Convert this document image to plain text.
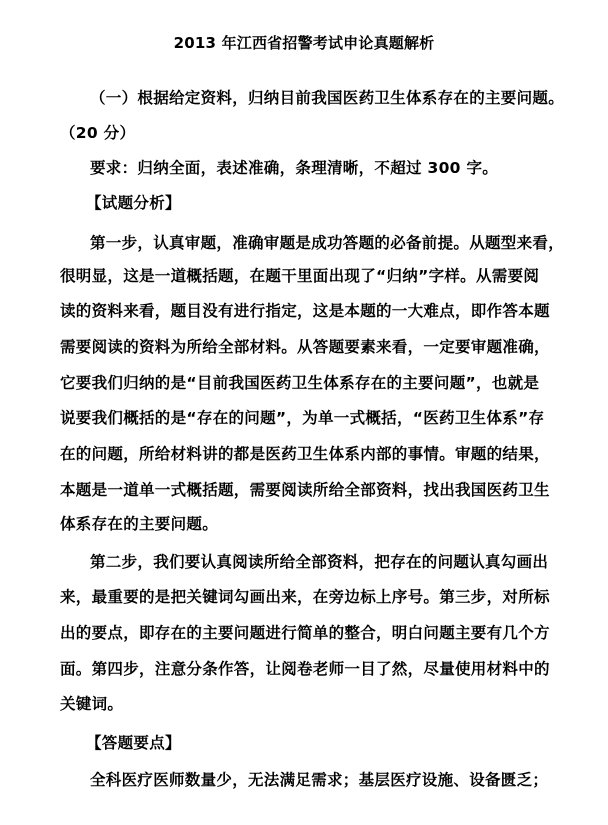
2013 年江西省招警考试申论真题解析
（一）根据给定资料，归纳目前我国医药卫生体系存在的主要问题。
（20 分）
要求：归纳全面，表述准确，条理清晰，不超过 300 字。
【试题分析】
第一步，认真审题，准确审题是成功答题的必备前提。从题型来看，
很明显，这是一道概括题，在题干里面出现了“归纳”字样。从需要阅
读的资料来看，题目没有进行指定，这是本题的一大难点，即作答本题
需要阅读的资料为所给全部材料。从答题要素来看，一定要审题准确，
它要我们归纳的是“目前我国医药卫生体系存在的主要问题”，也就是
说要我们概括的是“存在的问题”，为单一式概括，“医药卫生体系”存
在的问题，所给材料讲的都是医药卫生体系内部的事情。审题的结果，
本题是一道单一式概括题，需要阅读所给全部资料，找出我国医药卫生
体系存在的主要问题。
第二步，我们要认真阅读所给全部资料，把存在的问题认真勾画出
来，最重要的是把关键词勾画出来，在旁边标上序号。第三步，对所标
出的要点，即存在的主要问题进行简单的整合，明白问题主要有几个方
面。第四步，注意分条作答，让阅卷老师一目了然，尽量使用材料中的
关键词。
【答题要点】
全科医疗医师数量少，无法满足需求；基层医疗设施、设备匮乏；
